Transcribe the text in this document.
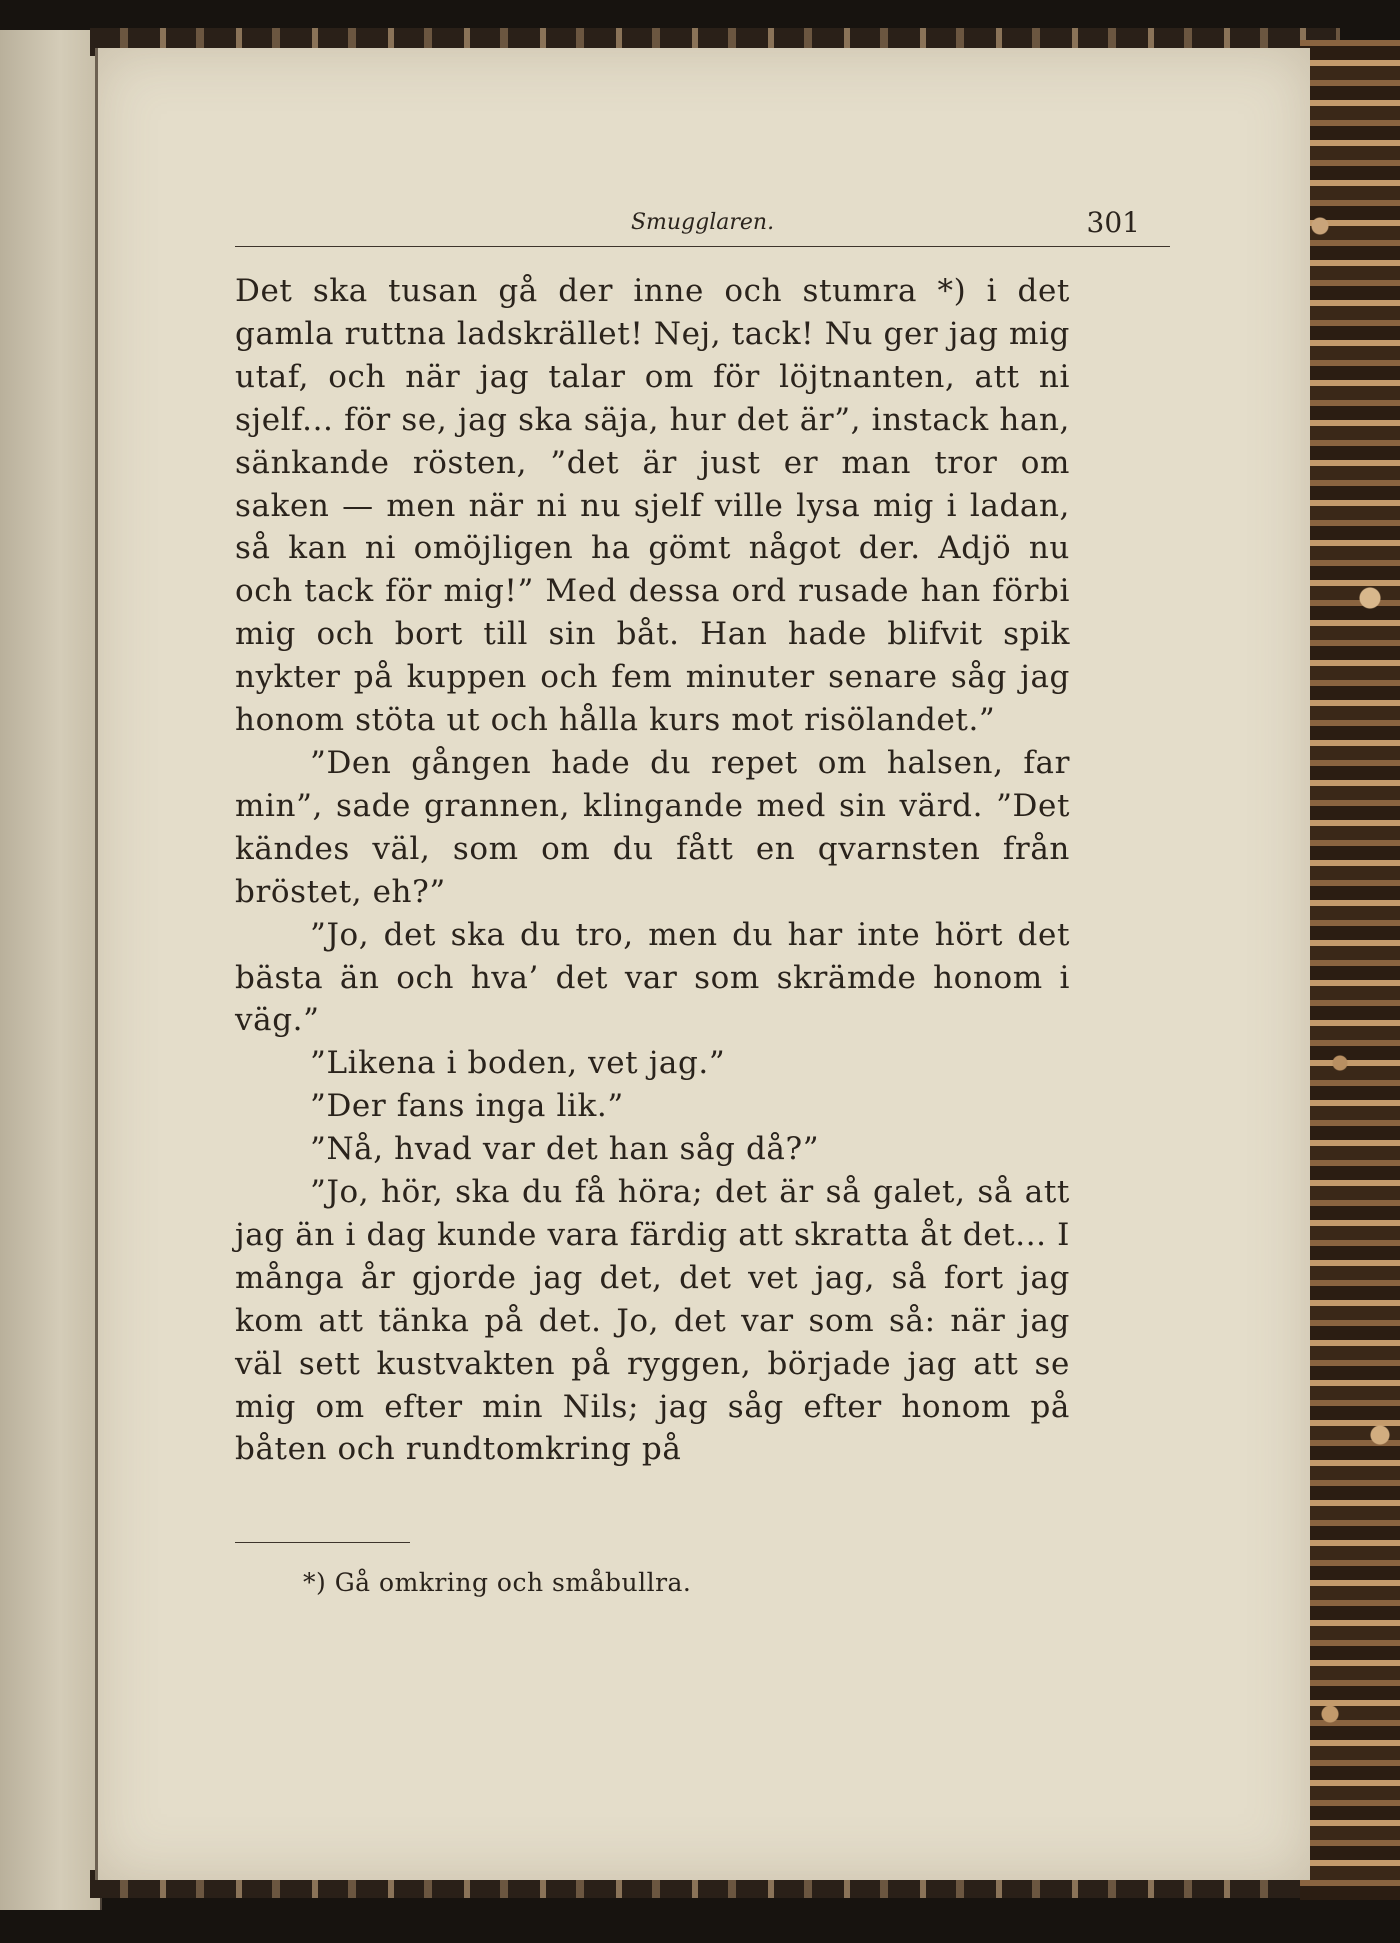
Smugglaren.	301

Det ska tusan gå der inne och stumra *) i det gamla ruttna ladskrället! Nej, tack! Nu ger jag mig utaf, och när jag talar om för löjtnanten, att ni sjelf... för se, jag ska säja, hur det är”, instack han, sänkande rösten, ”det är just er man tror om saken — men när ni nu sjelf ville lysa mig i ladan, så kan ni omöjligen ha gömt något der. Adjö nu och tack för mig!” Med dessa ord rusade han förbi mig och bort till sin båt. Han hade blifvit spik nykter på kuppen och fem minuter senare såg jag honom stöta ut och hålla kurs mot risölandet.”

”Den gången hade du repet om halsen, far min”, sade grannen, klingande med sin värd. ”Det kändes väl, som om du fått en qvarnsten från bröstet, eh?”

”Jo, det ska du tro, men du har inte hört det bästa än och hva’ det var som skrämde honom i väg.”

”Likena i boden, vet jag.”

”Der fans inga lik.”

”Nå, hvad var det han såg då?”

”Jo, hör, ska du få höra; det är så galet, så att jag än i dag kunde vara färdig att skratta åt det... I många år gjorde jag det, det vet jag, så fort jag kom att tänka på det. Jo, det var som så: när jag väl sett kustvakten på ryggen, började jag att se mig om efter min Nils; jag såg efter honom på båten och rundtomkring på

*) Gå omkring och småbullra.
